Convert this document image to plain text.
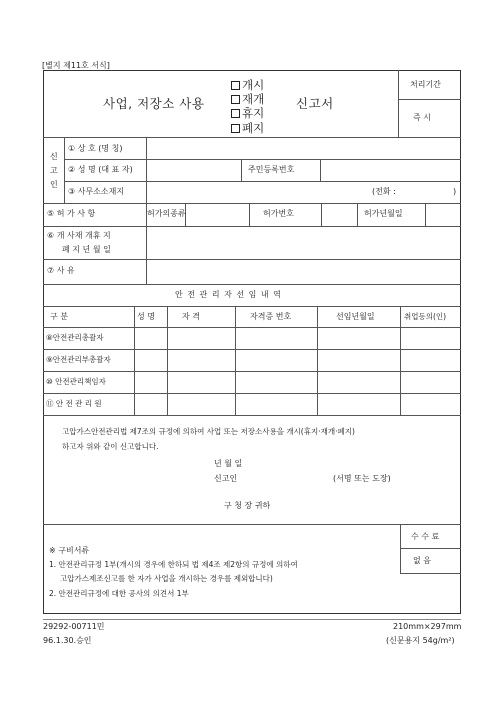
[별지 제11호 서식]
사업, 저장소 사용
개시
재개
휴지
폐지
신고서
처리기간
즉 시
신
고
인
① 상 호 (명 칭)
② 성 명 (대 표 자)	주민등록번호
③ 사무소소재지	(전화 :	)
⑤ 허 가 사 항	허가의종류	허가번호	허가년월일
⑥ 개 사재 개휴 지
폐 지 년 월 일
⑦ 사 유
안 전 관 리 자 선 임 내 역
구 분	성 명	자 격	자격증 번호	선임년월일	취업동의(인)
⑧안전관리총괄자
⑨안전관리부총괄자
⑩ 안전관리책임자
⑪ 안 전 관 리 원
고압가스안전관리법 제7조의 규정에 의하여 사업 또는 저장소사용을 개시(휴지·재개·폐지)
하고자 위와 같이 신고합니다.
년 월 일
신고인	(서명 또는 도장)
구 청 장 귀하
수 수 료
없 음
※ 구비서류
1. 안전관리규정 1부(개시의 경우에 한하되 법 제4조 제2항의 규정에 의하여
고압가스제조신고를 한 자가 사업을 개시하는 경우를 제외합니다)
2. 안전관리규정에 대한 공사의 의견서 1부
29292-00711민
96.1.30.승인
210mm×297mm
(신문용지 54g/m²)
